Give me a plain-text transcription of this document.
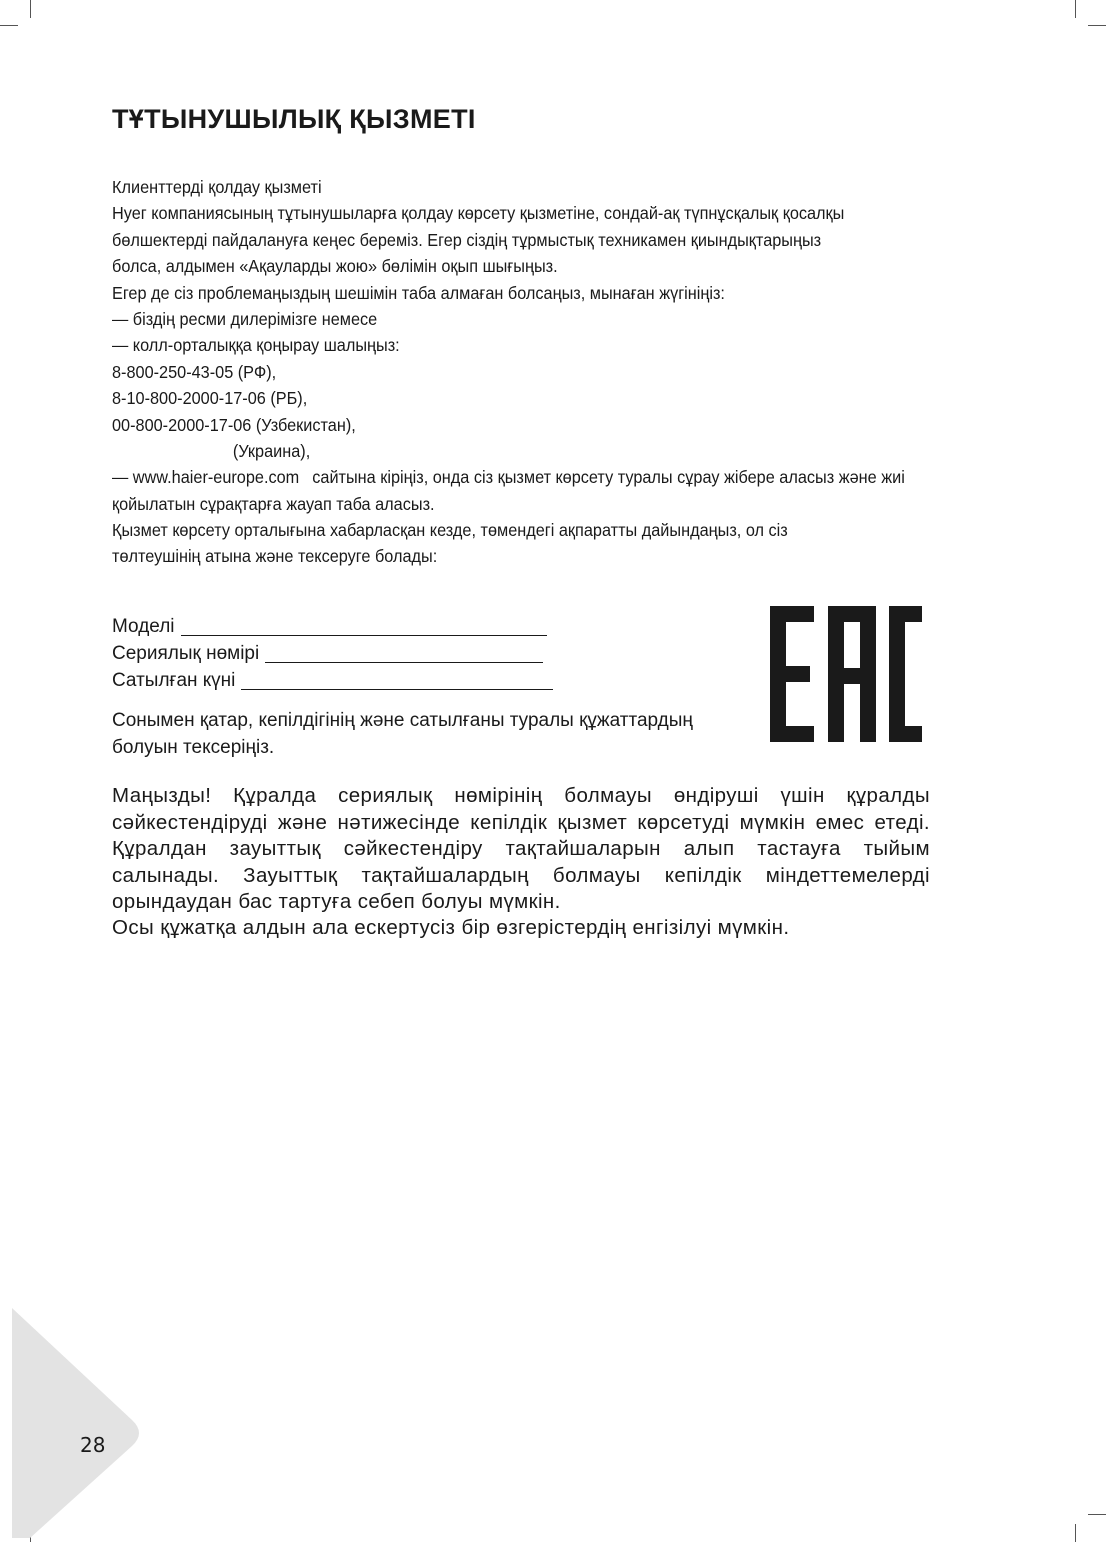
ТҰТЫНУШЫЛЫҚ ҚЫЗМЕТІ
Клиенттерді қолдау қызметі
Нуег компаниясының тұтынушыларға қолдау көрсету қызметіне, сондай-ақ түпнұсқалық қосалқы
бөлшектерді пайдалануға кеңес береміз. Егер сіздің тұрмыстық техникамен қиындықтарыңыз
болса, алдымен «Ақауларды жою» бөлімін оқып шығыңыз.
Егер де сіз проблемаңыздың шешімін таба алмаған болсаңыз, мынаған жүгініңіз:
— біздің ресми дилерімізге немесе
— колл-орталыққа қоңырау шалыңыз:
8-800-250-43-05 (РФ),
8-10-800-2000-17-06 (РБ),
00-800-2000-17-06 (Узбекистан),
(Украина),
— www.haier-europe.com сайтына кіріңіз, онда сіз қызмет көрсету туралы сұрау жібере аласыз және жиі
қойылатын сұрақтарға жауап таба аласыз.
Қызмет көрсету орталығына хабарласқан кезде, төмендегі ақпаратты дайындаңыз, ол сіз
төлтеушінің атына және тексеруге болады:
Моделі
Сериялық нөмірі
Сатылған күні

Сонымен қатар, кепілдігінің және сатылғаны туралы құжаттардың болуын тексеріңіз.

Маңызды! Құралда сериялық нөмірінің болмауы өндіруші үшін құралды сәйкестендіруді және нәтижесінде кепілдік қызмет көрсетуді мүмкін емес етеді. Құралдан зауыттық сәйкестендіру тақтайшаларын алып тастауға тыйым салынады. Зауыттық тақтайшалардың болмауы кепілдік міндеттемелерді орындаудан бас тартуға себеп болуы мүмкін.

Осы құжатқа алдын ала ескертусіз бір өзгерістердің енгізілуі мүмкін.

28
